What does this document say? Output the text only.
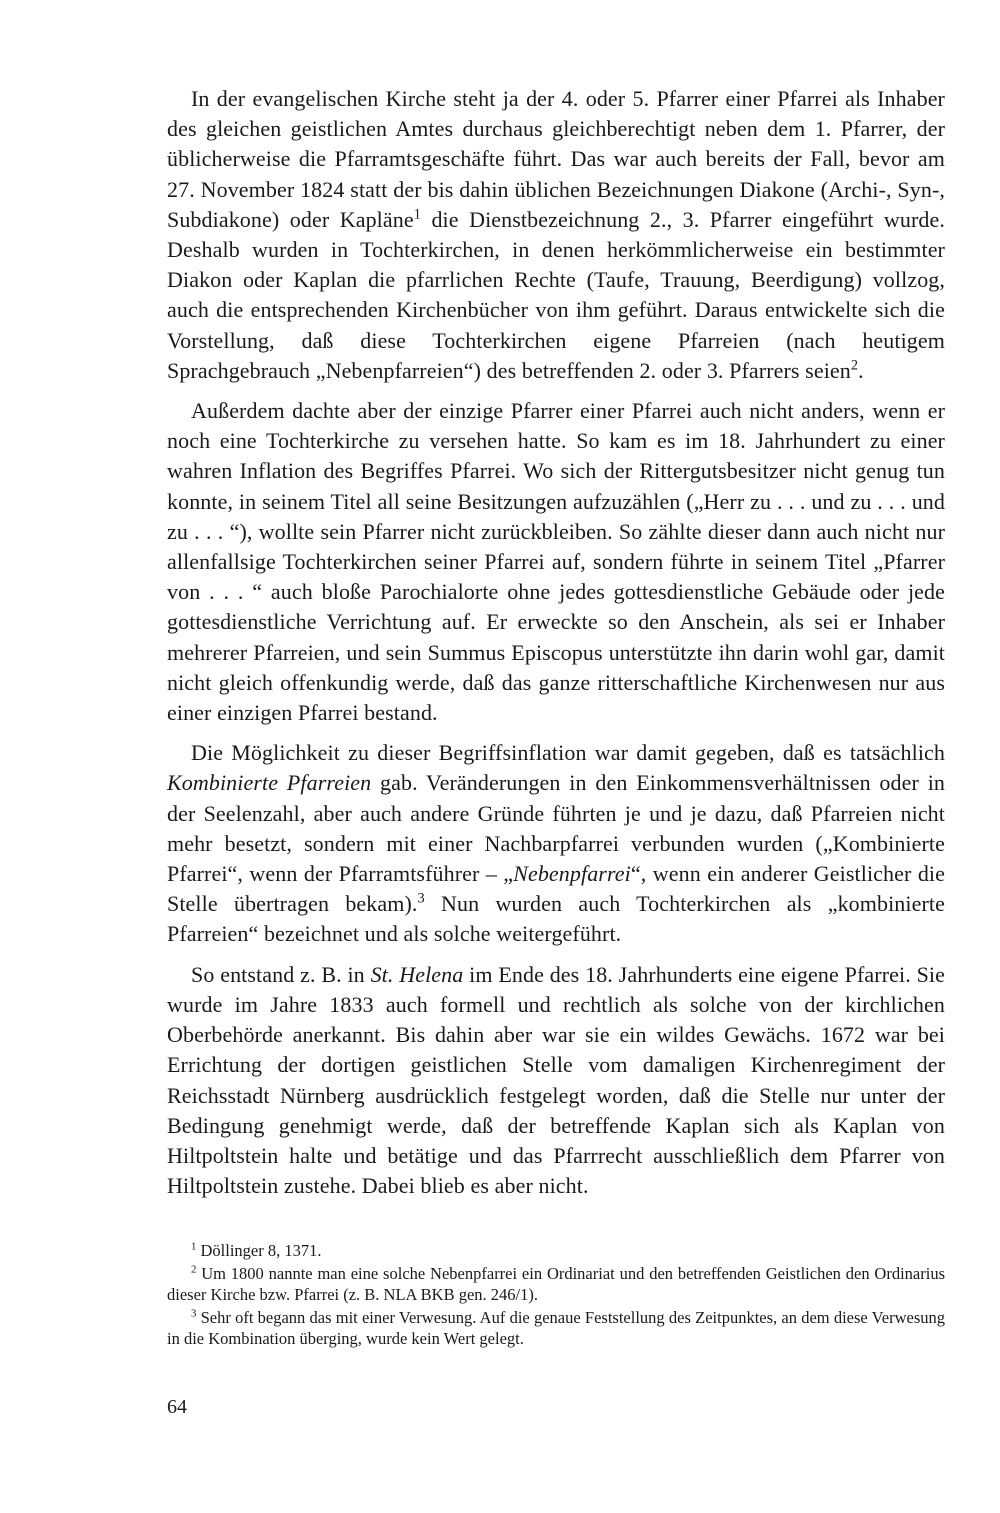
In der evangelischen Kirche steht ja der 4. oder 5. Pfarrer einer Pfarrei als Inhaber des gleichen geistlichen Amtes durchaus gleichberechtigt neben dem 1. Pfarrer, der üblicherweise die Pfarramtsgeschäfte führt. Das war auch bereits der Fall, bevor am 27. November 1824 statt der bis dahin üblichen Bezeichnungen Diakone (Archi-, Syn-, Subdiakone) oder Kapläne$^1$ die Dienstbezeichnung 2., 3. Pfarrer eingeführt wurde. Deshalb wurden in Tochterkirchen, in denen herkömmlicherweise ein bestimmter Diakon oder Kaplan die pfarrlichen Rechte (Taufe, Trauung, Beerdigung) vollzog, auch die entsprechenden Kirchenbücher von ihm geführt. Daraus entwickelte sich die Vorstellung, daß diese Tochterkirchen eigene Pfarreien (nach heutigem Sprachgebrauch „Nebenpfarreien“) des betreffenden 2. oder 3. Pfarrers seien$^2$.

Außerdem dachte aber der einzige Pfarrer einer Pfarrei auch nicht anders, wenn er noch eine Tochterkirche zu versehen hatte. So kam es im 18. Jahrhundert zu einer wahren Inflation des Begriffes Pfarrei. Wo sich der Rittergutsbesitzer nicht genug tun konnte, in seinem Titel all seine Besitzungen aufzuzählen („Herr zu . . . und zu . . . und zu . . . “), wollte sein Pfarrer nicht zurückbleiben. So zählte dieser dann auch nicht nur allenfallsige Tochterkirchen seiner Pfarrei auf, sondern führte in seinem Titel „Pfarrer von . . . “ auch bloße Parochialorte ohne jedes gottesdienstliche Gebäude oder jede gottesdienstliche Verrichtung auf. Er erweckte so den Anschein, als sei er Inhaber mehrerer Pfarreien, und sein Summus Episcopus unterstützte ihn darin wohl gar, damit nicht gleich offenkundig werde, daß das ganze ritterschaftliche Kirchenwesen nur aus einer einzigen Pfarrei bestand.

Die Möglichkeit zu dieser Begriffsinflation war damit gegeben, daß es tatsächlich Kombinierte Pfarreien gab. Veränderungen in den Einkommensverhältnissen oder in der Seelenzahl, aber auch andere Gründe führten je und je dazu, daß Pfarreien nicht mehr besetzt, sondern mit einer Nachbarpfarrei verbunden wurden („Kombinierte Pfarrei“, wenn der Pfarramtsführer – „Nebenpfarrei“, wenn ein anderer Geistlicher die Stelle übertragen bekam).$^3$ Nun wurden auch Tochterkirchen als „kombinierte Pfarreien“ bezeichnet und als solche weitergeführt.

So entstand z. B. in St. Helena im Ende des 18. Jahrhunderts eine eigene Pfarrei. Sie wurde im Jahre 1833 auch formell und rechtlich als solche von der kirchlichen Oberbehörde anerkannt. Bis dahin aber war sie ein wildes Gewächs. 1672 war bei Errichtung der dortigen geistlichen Stelle vom damaligen Kirchenregiment der Reichsstadt Nürnberg ausdrücklich festgelegt worden, daß die Stelle nur unter der Bedingung genehmigt werde, daß der betreffende Kaplan sich als Kaplan von Hiltpoltstein halte und betätige und das Pfarrrecht ausschließlich dem Pfarrer von Hiltpoltstein zustehe. Dabei blieb es aber nicht.

$^1$ Döllinger 8, 1371.

$^2$ Um 1800 nannte man eine solche Nebenpfarrei ein Ordinariat und den betreffenden Geistlichen den Ordinarius dieser Kirche bzw. Pfarrei (z. B. NLA BKB gen. 246/1).

$^3$ Sehr oft begann das mit einer Verwesung. Auf die genaue Feststellung des Zeitpunktes, an dem diese Verwesung in die Kombination überging, wurde kein Wert gelegt.

64
